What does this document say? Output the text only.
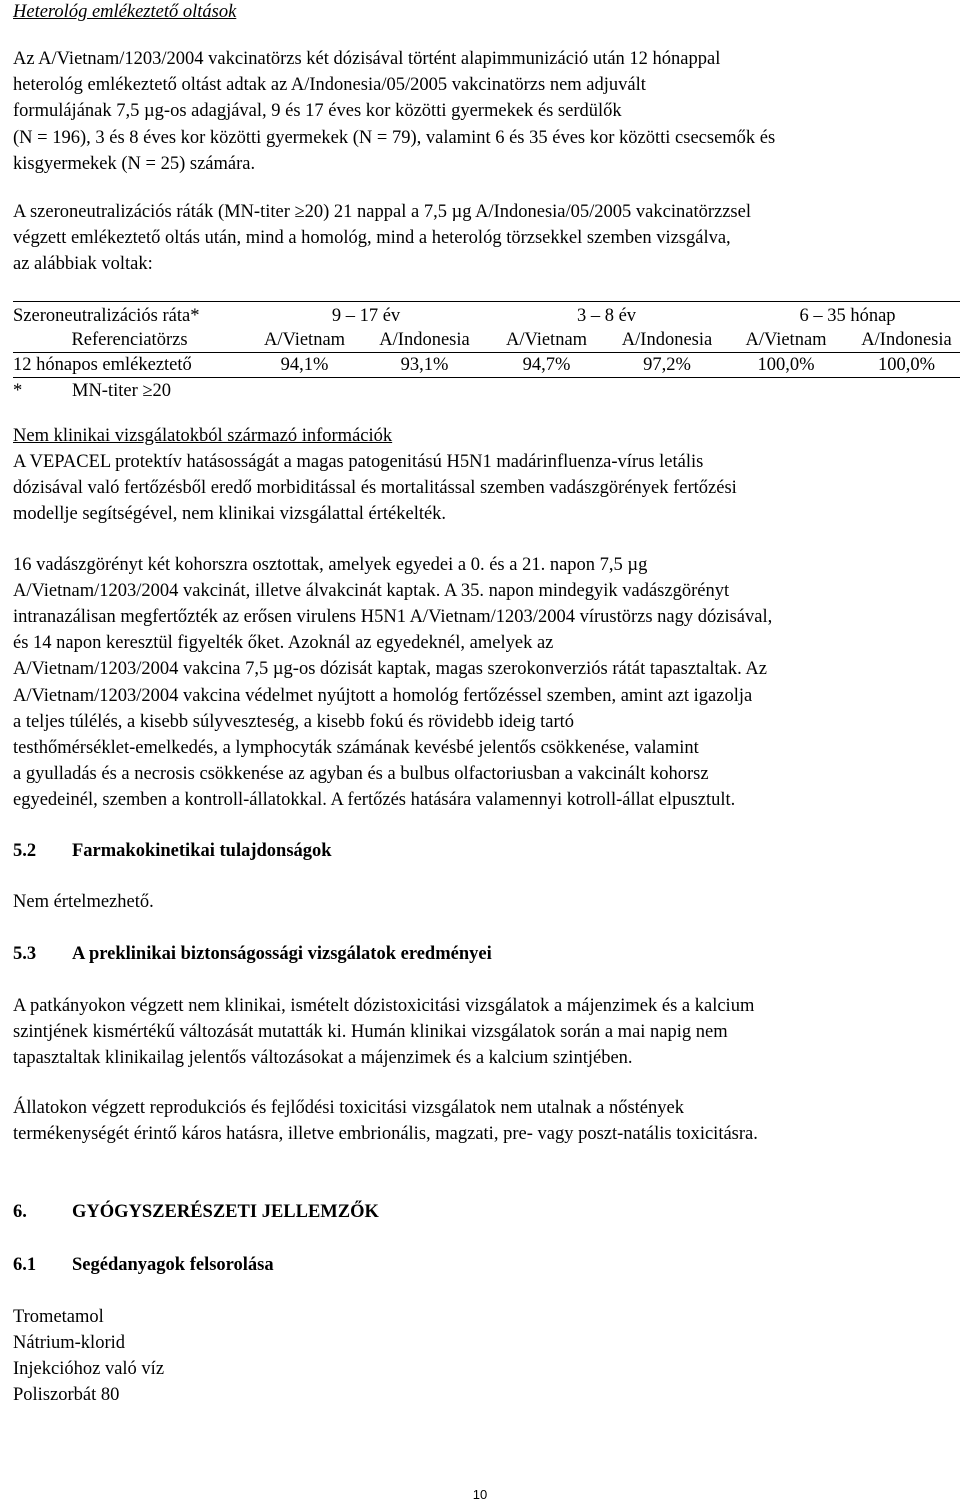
Heterológ emlékeztető oltások

Az A/Vietnam/1203/2004 vakcinatörzs két dózisával történt alapimmunizáció után 12 hónappal
heterológ emlékeztető oltást adtak az A/Indonesia/05/2005 vakcinatörzs nem adjuvált
formulájának 7,5 µg-os adagjával, 9 és 17 éves kor közötti gyermekek és serdülők
(N = 196), 3 és 8 éves kor közötti gyermekek (N = 79), valamint 6 és 35 éves kor közötti csecsemők és
kisgyermekek (N = 25) számára.

A szeroneutralizációs ráták (MN-titer ≥20) 21 nappal a 7,5 µg A/Indonesia/05/2005 vakcinatörzzsel
végzett emlékeztető oltás után, mind a homológ, mind a heterológ törzsekkel szemben vizsgálva,
az alábbiak voltak:

Szeroneutralizációs ráta*	9 – 17 év		3 – 8 év		6 – 35 hónap	
Referenciatörzs	A/Vietnam	A/Indonesia	A/Vietnam	A/Indonesia	A/Vietnam	A/Indonesia
12 hónapos emlékeztető	94,1%	93,1%	94,7%	97,2%	100,0%	100,0%
*	MN-titer ≥20
Nem klinikai vizsgálatokból származó információk

A VEPACEL protektív hatásosságát a magas patogenitású H5N1 madárinfluenza-vírus letális
dózisával való fertőzésből eredő morbiditással és mortalitással szemben vadászgörények fertőzési
modellje segítségével, nem klinikai vizsgálattal értékelték.

16 vadászgörényt két kohorszra osztottak, amelyek egyedei a 0. és a 21. napon 7,5 µg
A/Vietnam/1203/2004 vakcinát, illetve álvakcinát kaptak. A 35. napon mindegyik vadászgörényt
intranazálisan megfertőzték az erősen virulens H5N1 A/Vietnam/1203/2004 vírustörzs nagy dózisával,
és 14 napon keresztül figyelték őket. Azoknál az egyedeknél, amelyek az
A/Vietnam/1203/2004 vakcina 7,5 µg-os dózisát kaptak, magas szerokonverziós rátát tapasztaltak. Az
A/Vietnam/1203/2004 vakcina védelmet nyújtott a homológ fertőzéssel szemben, amint azt igazolja
a teljes túlélés, a kisebb súlyveszteség, a kisebb fokú és rövidebb ideig tartó
testhőmérséklet-emelkedés, a lymphocyták számának kevésbé jelentős csökkenése, valamint
a gyulladás és a necrosis csökkenése az agyban és a bulbus olfactoriusban a vakcinált kohorsz
egyedeinél, szemben a kontroll-állatokkal. A fertőzés hatására valamennyi kotroll-állat elpusztult.

5.2 Farmakokinetikai tulajdonságok

Nem értelmezhető.

5.3 A preklinikai biztonságossági vizsgálatok eredményei

A patkányokon végzett nem klinikai, ismételt dózistoxicitási vizsgálatok a májenzimek és a kalcium
szintjének kismértékű változását mutatták ki. Humán klinikai vizsgálatok során a mai napig nem
tapasztaltak klinikailag jelentős változásokat a májenzimek és a kalcium szintjében.

Állatokon végzett reprodukciós és fejlődési toxicitási vizsgálatok nem utalnak a nőstények
termékenységét érintő káros hatásra, illetve embrionális, magzati, pre- vagy poszt-natális toxicitásra.

6. GYÓGYSZERÉSZETI JELLEMZŐK
6.1 Segédanyagok felsorolása
Trometamol
Nátrium-klorid
Injekcióhoz való víz
Poliszorbát 80
10
